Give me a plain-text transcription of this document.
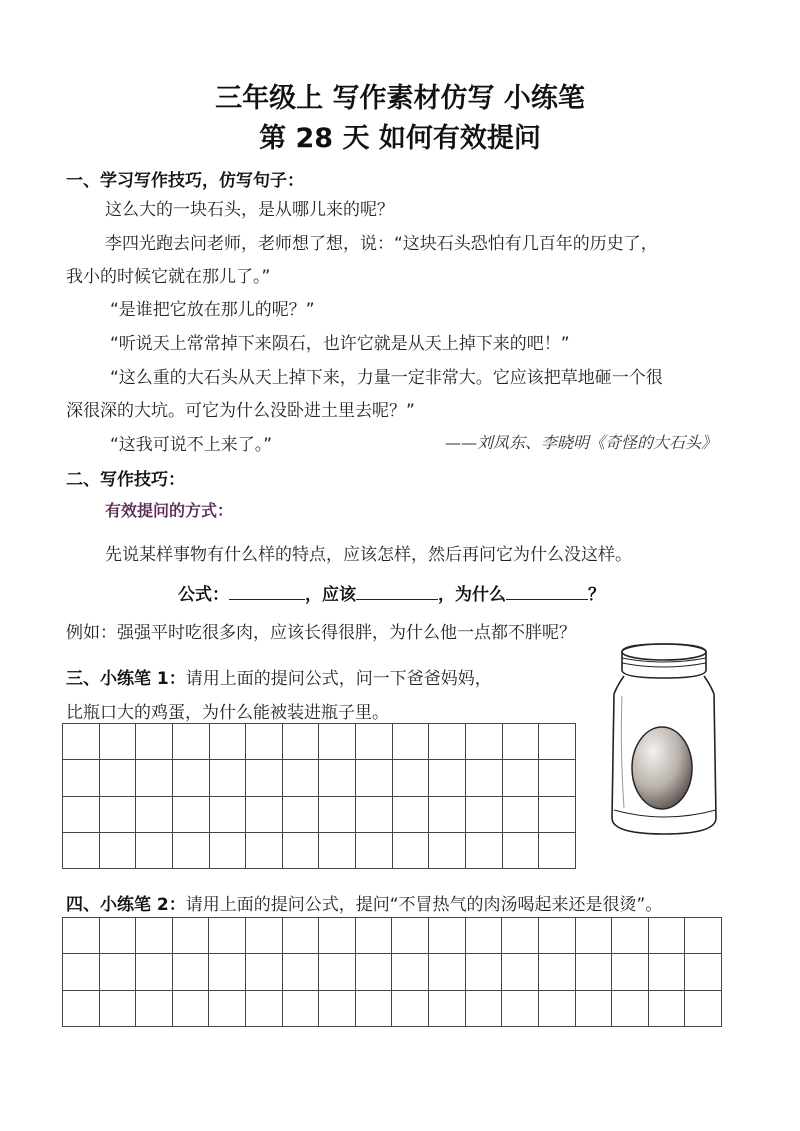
三年级上 写作素材仿写 小练笔
第 28 天 如何有效提问
一、学习写作技巧，仿写句子：
这么大的一块石头，是从哪儿来的呢？
李四光跑去问老师，老师想了想，说：“这块石头恐怕有几百年的历史了，
我小的时候它就在那儿了。”
“是谁把它放在那儿的呢？”
“听说天上常常掉下来陨石，也许它就是从天上掉下来的吧！”
“这么重的大石头从天上掉下来，力量一定非常大。它应该把草地砸一个很
深很深的大坑。可它为什么没卧进土里去呢？”
“这我可说不上来了。”	——刘凤东、李晓明《奇怪的大石头》
二、写作技巧：
有效提问的方式：
先说某样事物有什么样的特点，应该怎样，然后再问它为什么没这样。
公式：	，应该	，为什么	？
例如：强强平时吃很多肉，应该长得很胖，为什么他一点都不胖呢？
三、小练笔 1：请用上面的提问公式，问一下爸爸妈妈，
比瓶口大的鸡蛋，为什么能被装进瓶子里。

四、小练笔 2：请用上面的提问公式，提问“不冒热气的肉汤喝起来还是很烫”。
